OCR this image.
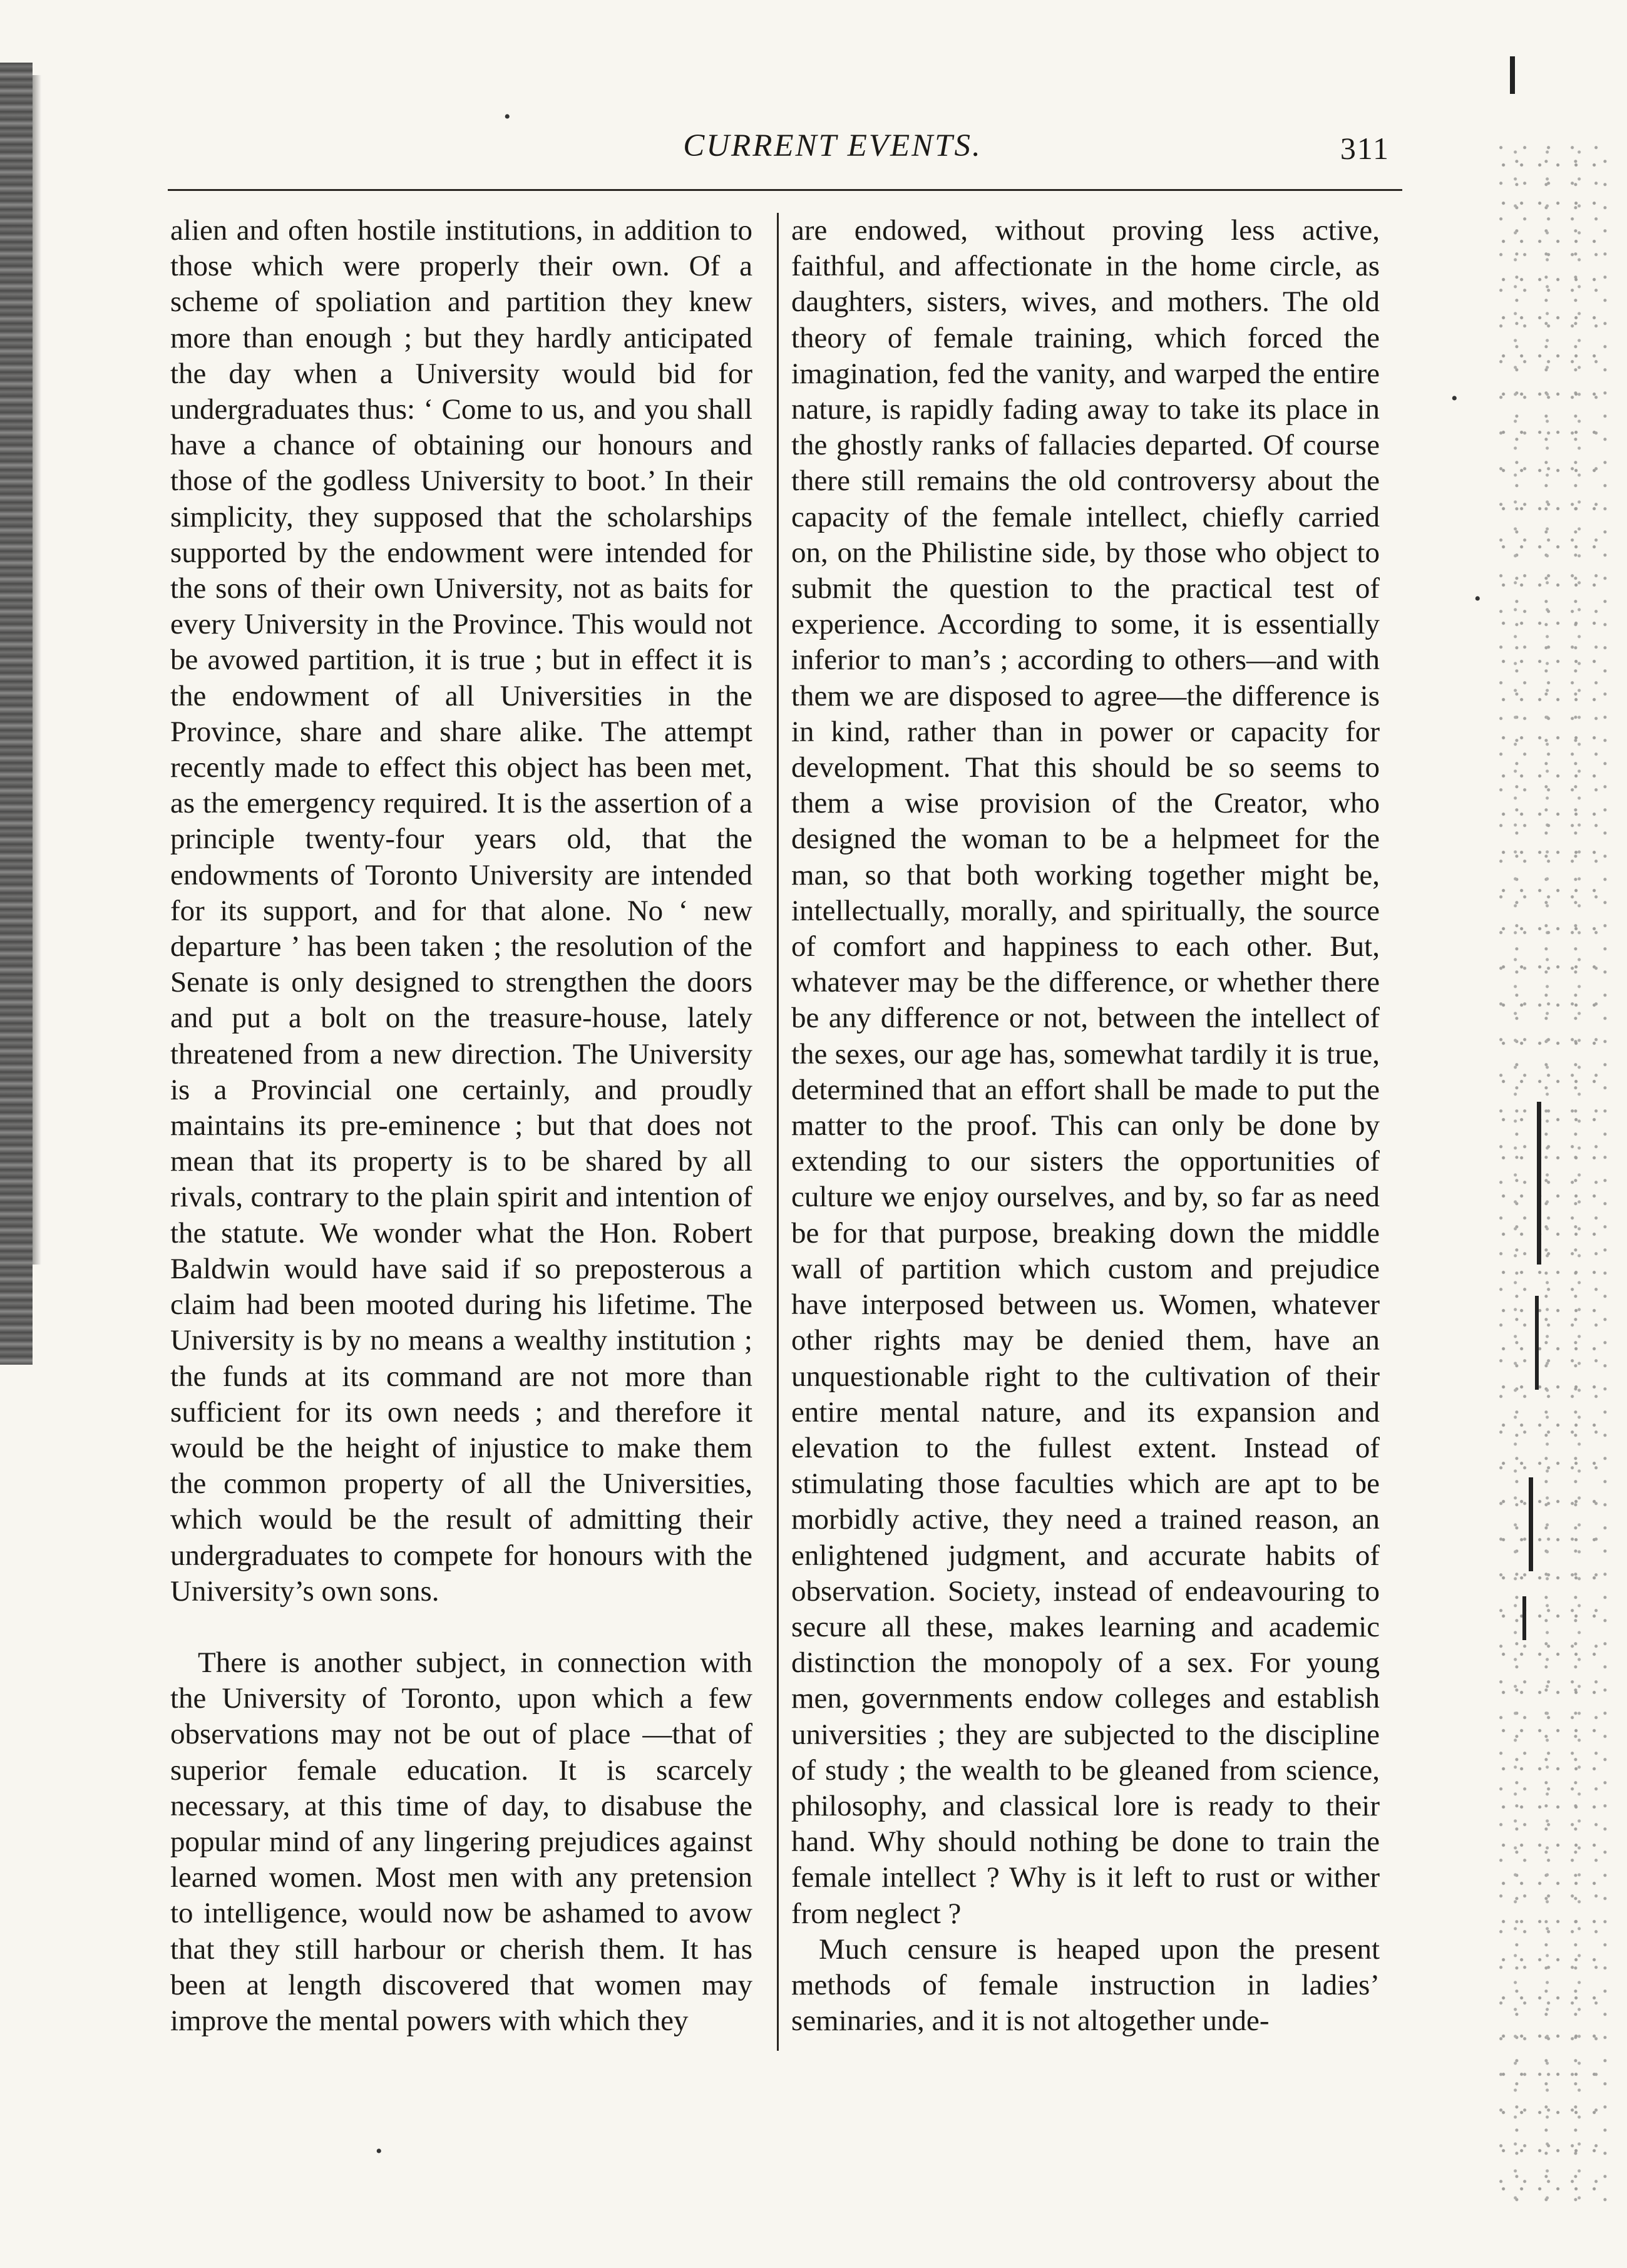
•
•
•
•
CURRENT EVENTS.	311

alien and often hostile institutions, in addition to those which were properly their own. Of a scheme of spoliation and partition they knew more than enough ; but they hardly anticipated the day when a University would bid for undergraduates thus: ‘ Come to us, and you shall have a chance of obtaining our honours and those of the godless University to boot.’ In their simplicity, they supposed that the scholarships supported by the endowment were intended for the sons of their own University, not as baits for every University in the Province. This would not be avowed partition, it is true ; but in effect it is the endowment of all Universities in the Province, share and share alike. The attempt recently made to effect this object has been met, as the emergency required. It is the assertion of a principle twenty-four years old, that the endowments of Toronto University are intended for its support, and for that alone. No ‘ new departure ’ has been taken ; the resolution of the Senate is only designed to strengthen the doors and put a bolt on the treasure-house, lately threatened from a new direction. The University is a Provincial one certainly, and proudly maintains its pre-eminence ; but that does not mean that its property is to be shared by all rivals, contrary to the plain spirit and intention of the statute. We wonder what the Hon. Robert Baldwin would have said if so preposterous a claim had been mooted during his lifetime. The University is by no means a wealthy institution ; the funds at its command are not more than sufficient for its own needs ; and therefore it would be the height of injustice to make them the common property of all the Universities, which would be the result of admitting their undergraduates to compete for honours with the University’s own sons.

There is another subject, in connection with the University of Toronto, upon which a few observations may not be out of place —that of superior female education. It is scarcely necessary, at this time of day, to disabuse the popular mind of any lingering prejudices against learned women. Most men with any pretension to intelligence, would now be ashamed to avow that they still harbour or cherish them. It has been at length discovered that women may improve the mental powers with which they

are endowed, without proving less active, faithful, and affectionate in the home circle, as daughters, sisters, wives, and mothers. The old theory of female training, which forced the imagination, fed the vanity, and warped the entire nature, is rapidly fading away to take its place in the ghostly ranks of fallacies departed. Of course there still remains the old controversy about the capacity of the female intellect, chiefly carried on, on the Philistine side, by those who object to submit the question to the practical test of experience. According to some, it is essentially inferior to man’s ; according to others—and with them we are disposed to agree—the difference is in kind, rather than in power or capacity for development. That this should be so seems to them a wise provision of the Creator, who designed the woman to be a helpmeet for the man, so that both working together might be, intellectually, morally, and spiritually, the source of comfort and happiness to each other. But, whatever may be the difference, or whether there be any difference or not, between the intellect of the sexes, our age has, somewhat tardily it is true, determined that an effort shall be made to put the matter to the proof. This can only be done by extending to our sisters the opportunities of culture we enjoy ourselves, and by, so far as need be for that purpose, breaking down the middle wall of partition which custom and prejudice have interposed between us. Women, whatever other rights may be denied them, have an unquestionable right to the cultivation of their entire mental nature, and its expansion and elevation to the fullest extent. Instead of stimulating those faculties which are apt to be morbidly active, they need a trained reason, an enlightened judgment, and accurate habits of observation. Society, instead of endeavouring to secure all these, makes learning and academic distinction the monopoly of a sex. For young men, governments endow colleges and establish universities ; they are subjected to the discipline of study ; the wealth to be gleaned from science, philosophy, and classical lore is ready to their hand. Why should nothing be done to train the female intellect ? Why is it left to rust or wither from neglect ?

Much censure is heaped upon the present methods of female instruction in ladies’ seminaries, and it is not altogether unde-
